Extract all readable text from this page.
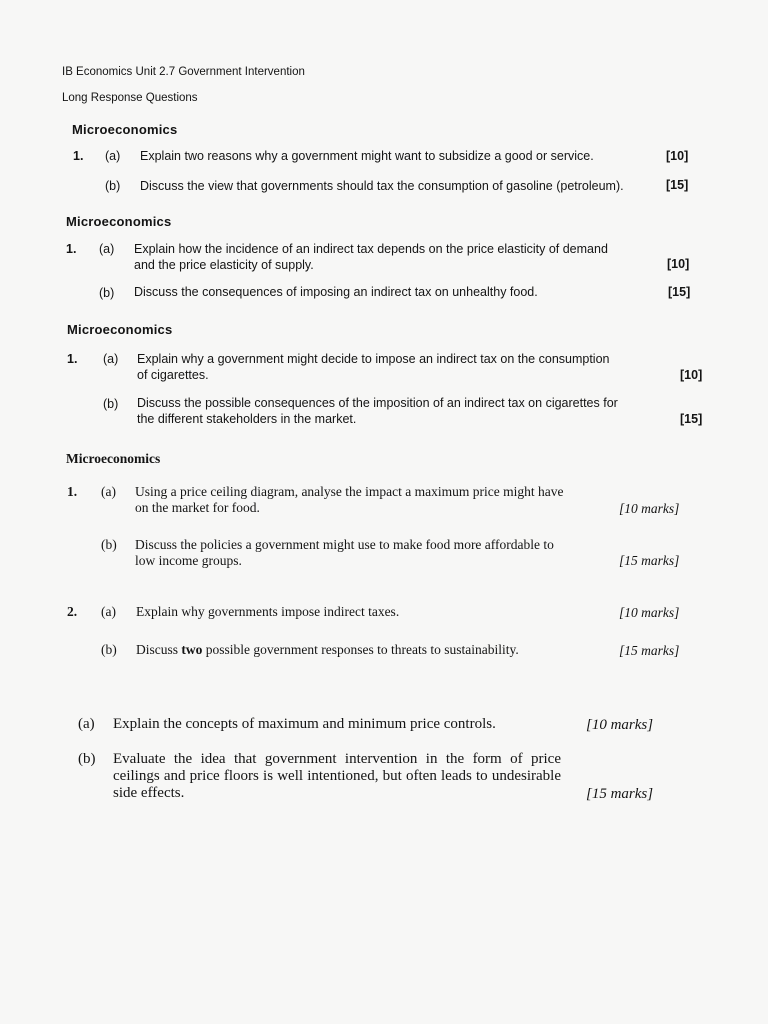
IB Economics Unit 2.7 Government Intervention
Long Response Questions
Microeconomics
1. (a) Explain two reasons why a government might want to subsidize a good or service.	[10]
(b) Discuss the view that governments should tax the consumption of gasoline (petroleum).	[15]
Microeconomics
1. (a) Explain how the incidence of an indirect tax depends on the price elasticity of demand
and the price elasticity of supply.	[10]
(b) Discuss the consequences of imposing an indirect tax on unhealthy food.	[15]
Microeconomics
1. (a) Explain why a government might decide to impose an indirect tax on the consumption
of cigarettes.	[10]
(b) Discuss the possible consequences of the imposition of an indirect tax on cigarettes for
the different stakeholders in the market.	[15]
Microeconomics
1. (a) Using a price ceiling diagram, analyse the impact a maximum price might have
on the market for food.	[10 marks]
(b) Discuss the policies a government might use to make food more affordable to
low income groups.	[15 marks]
2. (a) Explain why governments impose indirect taxes.	[10 marks]
(b) Discuss two possible government responses to threats to sustainability.	[15 marks]
(a) Explain the concepts of maximum and minimum price controls.	[10 marks]
(b) Evaluate the idea that government intervention in the form of price ceilings and price floors is well intentioned, but often leads to undesirable side effects.	[15 marks]
